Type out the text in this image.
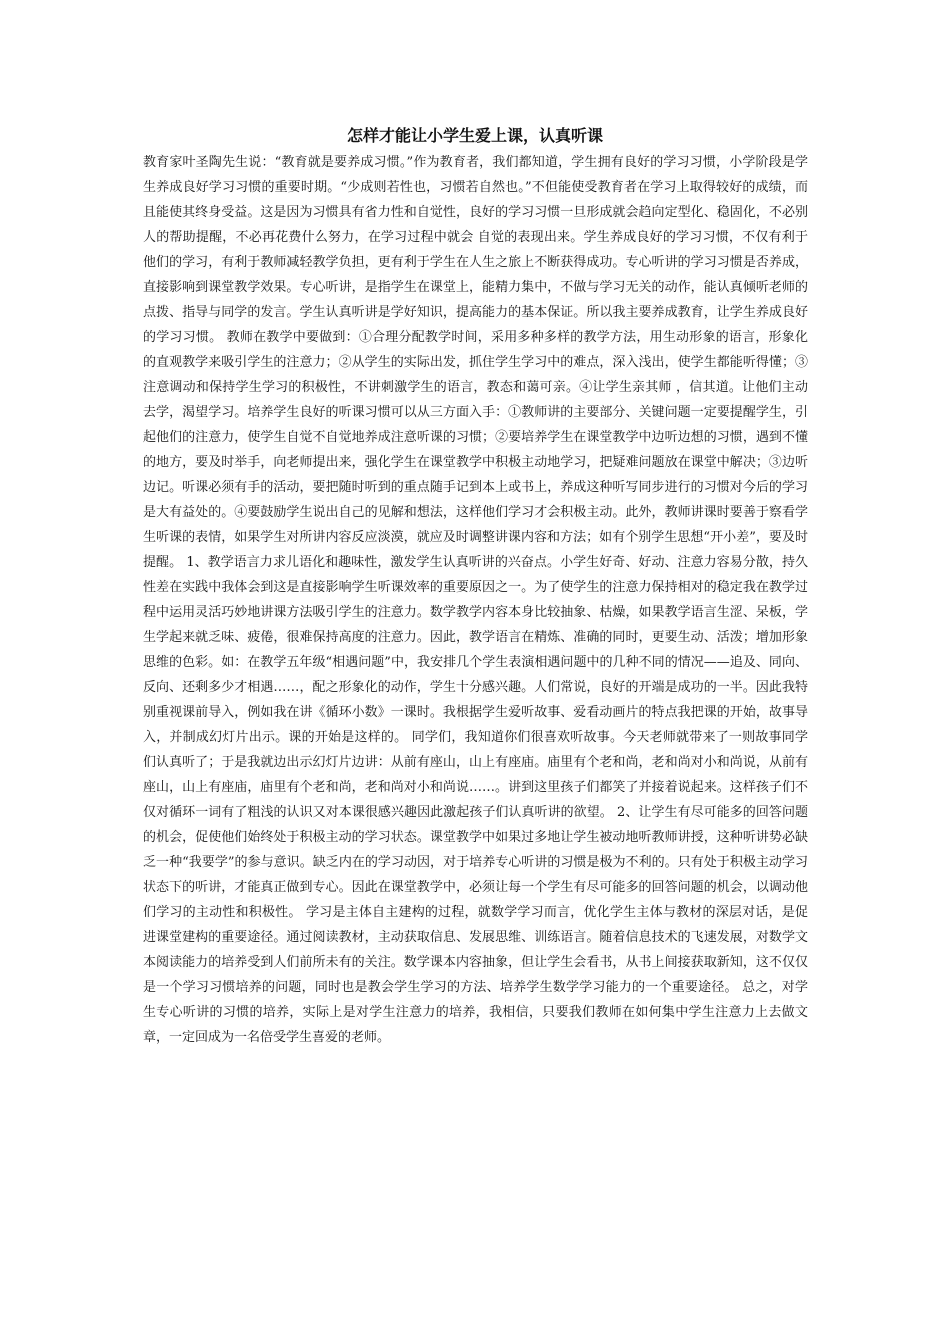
怎样才能让小学生爱上课，认真听课

教育家叶圣陶先生说：“教育就是要养成习惯。”作为教育者，我们都知道，学生拥有良好的学习习惯，小学阶段是学生养成良好学习习惯的重要时期。“少成则若性也，习惯若自然也。”不但能使受教育者在学习上取得较好的成绩，而且能使其终身受益。这是因为习惯具有省力性和自觉性，良好的学习习惯一旦形成就会趋向定型化、稳固化，不必别人的帮助提醒，不必再花费什么努力，在学习过程中就会 自觉的表现出来。学生养成良好的学习习惯，不仅有利于他们的学习，有利于教师减轻教学负担，更有利于学生在人生之旅上不断获得成功。专心听讲的学习习惯是否养成，直接影响到课堂教学效果。专心听讲，是指学生在课堂上，能精力集中，不做与学习无关的动作，能认真倾听老师的点拨、指导与同学的发言。学生认真听讲是学好知识，提高能力的基本保证。所以我主要养成教育，让学生养成良好的学习习惯。 教师在教学中要做到：①合理分配教学时间，采用多种多样的教学方法，用生动形象的语言，形象化的直观教学来吸引学生的注意力；②从学生的实际出发，抓住学生学习中的难点，深入浅出，使学生都能听得懂；③注意调动和保持学生学习的积极性，不讲刺激学生的语言，教态和蔼可亲。④让学生亲其师 ，信其道。让他们主动去学，渴望学习。培养学生良好的听课习惯可以从三方面入手：①教师讲的主要部分、关键问题一定要提醒学生，引起他们的注意力，使学生自觉不自觉地养成注意听课的习惯；②要培养学生在课堂教学中边听边想的习惯，遇到不懂的地方，要及时举手，向老师提出来，强化学生在课堂教学中积极主动地学习，把疑难问题放在课堂中解决；③边听边记。听课必须有手的活动，要把随时听到的重点随手记到本上或书上，养成这种听写同步进行的习惯对今后的学习是大有益处的。④要鼓励学生说出自己的见解和想法，这样他们学习才会积极主动。此外，教师讲课时要善于察看学生听课的表情，如果学生对所讲内容反应淡漠，就应及时调整讲课内容和方法；如有个别学生思想“开小差”，要及时提醒。 1、教学语言力求儿语化和趣味性，激发学生认真听讲的兴奋点。小学生好奇、好动、注意力容易分散，持久性差在实践中我体会到这是直接影响学生听课效率的重要原因之一。为了使学生的注意力保持相对的稳定我在教学过程中运用灵活巧妙地讲课方法吸引学生的注意力。数学教学内容本身比较抽象、枯燥，如果教学语言生涩、呆板，学生学起来就乏味、疲倦，很难保持高度的注意力。因此，教学语言在精炼、准确的同时，更要生动、活泼；增加形象思维的色彩。如：在教学五年级“相遇问题”中，我安排几个学生表演相遇问题中的几种不同的情况——追及、同向、反向、还剩多少才相遇……，配之形象化的动作，学生十分感兴趣。人们常说，良好的开端是成功的一半。因此我特别重视课前导入，例如我在讲《循环小数》一课时。我根据学生爱听故事、爱看动画片的特点我把课的开始，故事导入，并制成幻灯片出示。课的开始是这样的。 同学们，我知道你们很喜欢听故事。今天老师就带来了一则故事同学们认真听了；于是我就边出示幻灯片边讲：从前有座山，山上有座庙。庙里有个老和尚，老和尚对小和尚说，从前有座山，山上有座庙，庙里有个老和尚，老和尚对小和尚说……。讲到这里孩子们都笑了并接着说起来。这样孩子们不仅对循环一词有了粗浅的认识又对本课很感兴趣因此激起孩子们认真听讲的欲望。 2、让学生有尽可能多的回答问题的机会，促使他们始终处于积极主动的学习状态。课堂教学中如果过多地让学生被动地听教师讲授，这种听讲势必缺乏一种“我要学”的参与意识。缺乏内在的学习动因，对于培养专心听讲的习惯是极为不利的。只有处于积极主动学习状态下的听讲，才能真正做到专心。因此在课堂教学中，必须让每一个学生有尽可能多的回答问题的机会，以调动他们学习的主动性和积极性。 学习是主体自主建构的过程，就数学学习而言，优化学生主体与教材的深层对话，是促进课堂建构的重要途径。通过阅读教材，主动获取信息、发展思维、训练语言。随着信息技术的飞速发展，对数学文本阅读能力的培养受到人们前所未有的关注。数学课本内容抽象，但让学生会看书，从书上间接获取新知，这不仅仅是一个学习习惯培养的问题，同时也是教会学生学习的方法、培养学生数学学习能力的一个重要途径。 总之，对学生专心听讲的习惯的培养，实际上是对学生注意力的培养，我相信，只要我们教师在如何集中学生注意力上去做文章，一定回成为一名倍受学生喜爱的老师。
